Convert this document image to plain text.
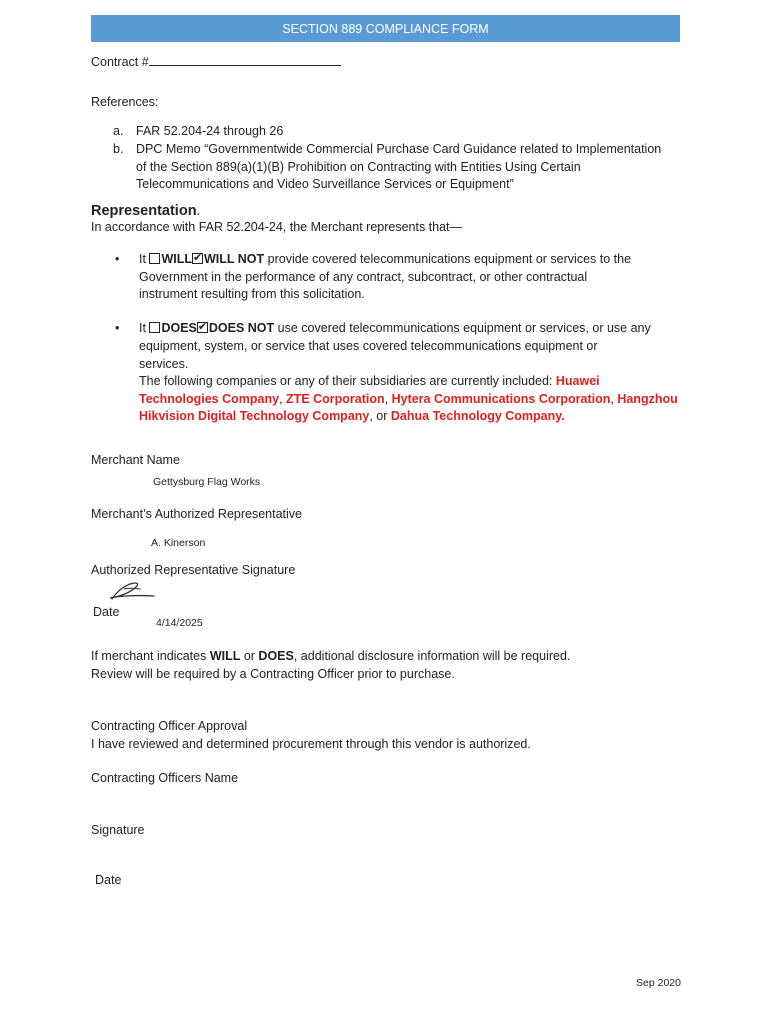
SECTION 889 COMPLIANCE FORM
Contract #
References:
a. FAR 52.204-24 through 26
b. DPC Memo “Governmentwide Commercial Purchase Card Guidance related to Implementation
of the Section 889(a)(1)(B) Prohibition on Contracting with Entities Using Certain
Telecommunications and Video Surveillance Services or Equipment”
Representation.
In accordance with FAR 52.204-24, the Merchant represents that—
• It WILL ✔ WILL NOT provide covered telecommunications equipment or services to the
Government in the performance of any contract, subcontract, or other contractual
instrument resulting from this solicitation.
• It DOES ✔ DOES NOT use covered telecommunications equipment or services, or use any
equipment, system, or service that uses covered telecommunications equipment or
services.
The following companies or any of their subsidiaries are currently included: Huawei
Technologies Company, ZTE Corporation, Hytera Communications Corporation, Hangzhou
Hikvision Digital Technology Company, or Dahua Technology Company.
Merchant Name
Gettysburg Flag Works
Merchant’s Authorized Representative
A. Kinerson
Authorized Representative Signature
Date
4/14/2025
If merchant indicates WILL or DOES, additional disclosure information will be required.
Review will be required by a Contracting Officer prior to purchase.
Contracting Officer Approval
I have reviewed and determined procurement through this vendor is authorized.
Contracting Officers Name
Signature
Date
Sep 2020
